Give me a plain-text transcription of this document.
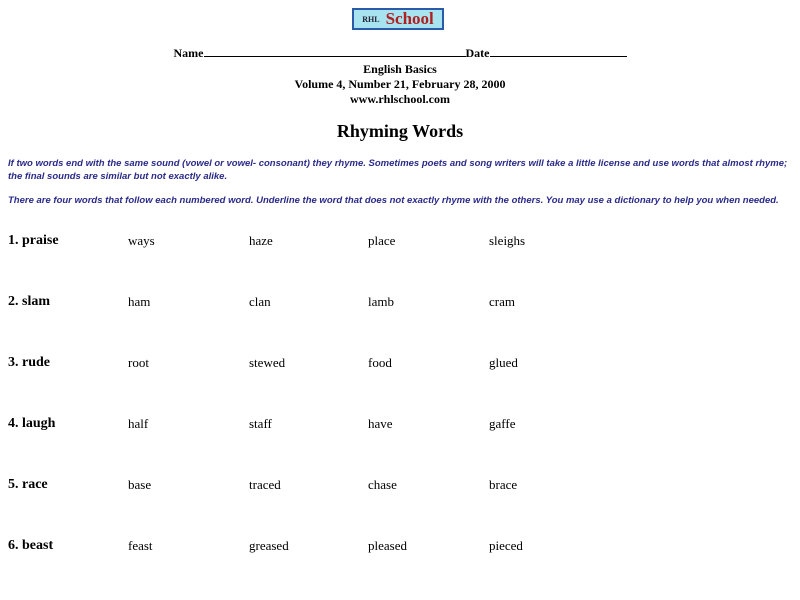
RHL School
Name	Date
English Basics
Volume 4, Number 21, February 28, 2000
www.rhlschool.com
Rhyming Words
If two words end with the same sound (vowel or vowel- consonant) they rhyme. Sometimes poets and song writers will take a little license and use words that almost rhyme; the final sounds are similar but not exactly alike.
There are four words that follow each numbered word. Underline the word that does not exactly rhyme with the others. You may use a dictionary to help you when needed.
1. praise	ways	haze	place	sleighs
2. slam	ham	clan	lamb	cram
3. rude	root	stewed	food	glued
4. laugh	half	staff	have	gaffe
5. race	base	traced	chase	brace
6. beast	feast	greased	pleased	pieced
